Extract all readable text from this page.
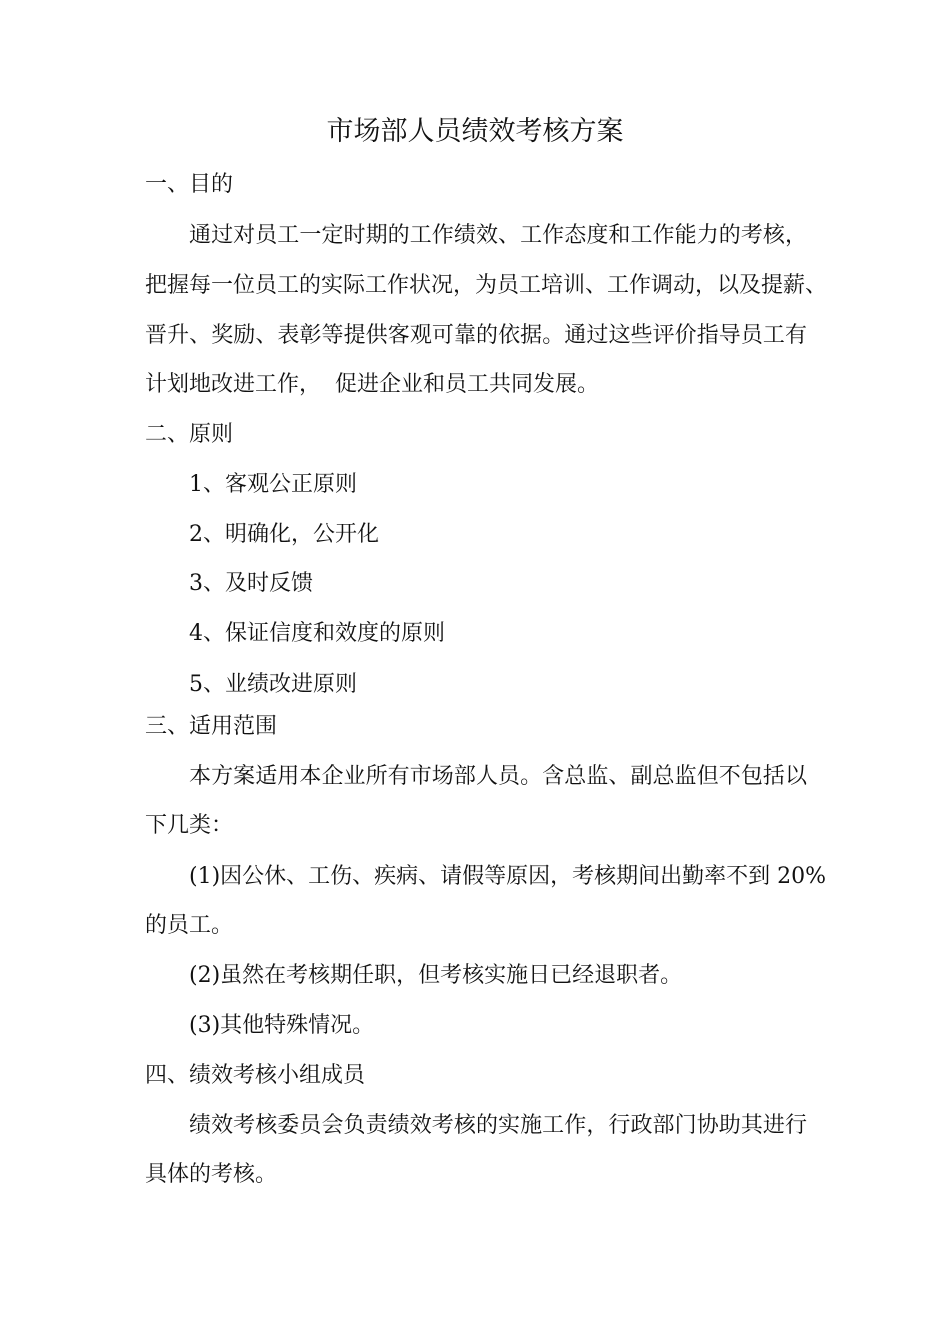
市场部人员绩效考核方案
一、目的
通过对员工一定时期的工作绩效、工作态度和工作能力的考核，
把握每一位员工的实际工作状况，为员工培训、工作调动，以及提薪、
晋升、奖励、表彰等提供客观可靠的依据。通过这些评价指导员工有
计划地改进工作，  促进企业和员工共同发展。
二、原则
1、客观公正原则
2、明确化，公开化
3、及时反馈
4、保证信度和效度的原则
5、业绩改进原则
三、适用范围
本方案适用本企业所有市场部人员。含总监、副总监但不包括以
下几类：
(1)因公休、工伤、疾病、请假等原因，考核期间出勤率不到 20%
的员工。
(2)虽然在考核期任职，但考核实施日已经退职者。
(3)其他特殊情况。
四、绩效考核小组成员
绩效考核委员会负责绩效考核的实施工作，行政部门协助其进行
具体的考核。
